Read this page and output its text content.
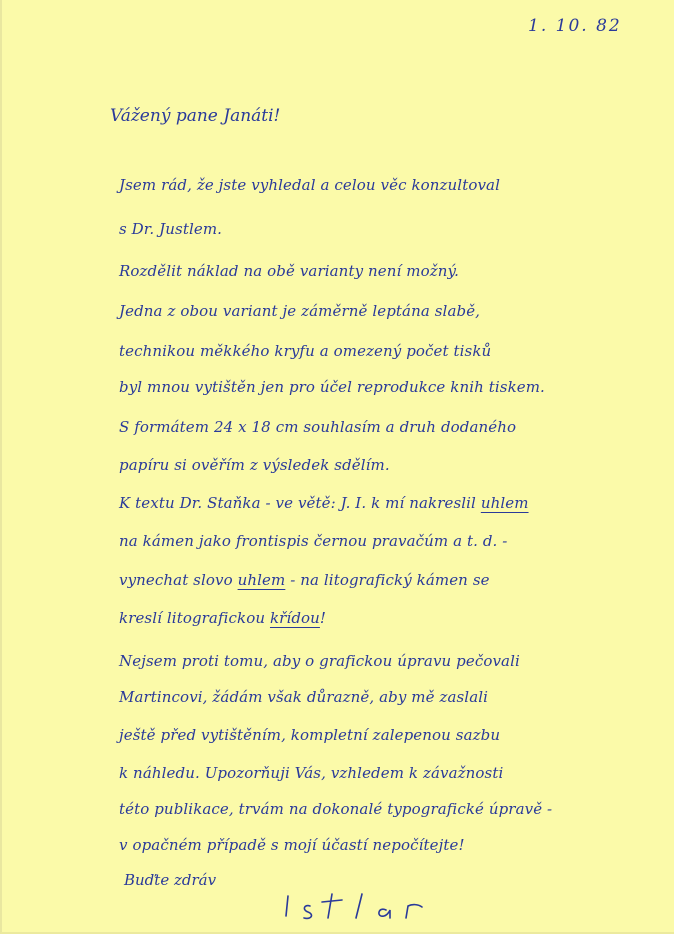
1. 10. 82
Vážený pane Janáti!
Jsem rád, že jste vyhledal a celou věc konzultoval
s Dr. Justlem.
Rozdělit náklad na obě varianty není možný.
Jedna z obou variant je záměrně leptána slabě,
technikou měkkého kryfu a omezený počet tisků
byl mnou vytištěn jen pro účel reprodukce knih tiskem.
S formátem 24 x 18 cm souhlasím a druh dodaného
papíru si ověřím z výsledek sdělím.
K textu Dr. Staňka - ve větě: J. I. k mí nakreslil uhlem
na kámen jako frontispis černou pravačúm a t. d. -
vynechat slovo uhlem - na litografický kámen se
kreslí litografickou křídou!
Nejsem proti tomu, aby o grafickou úpravu pečovali
Martincovi, žádám však důrazně, aby mě zaslali
ještě před vytištěním, kompletní zalepenou sazbu
k náhledu. Upozorňuji Vás, vzhledem k závažnosti
této publikace, trvám na dokonalé typografické úpravě -
v opačném případě s mojí účastí nepočítejte!
Buďte zdráv
